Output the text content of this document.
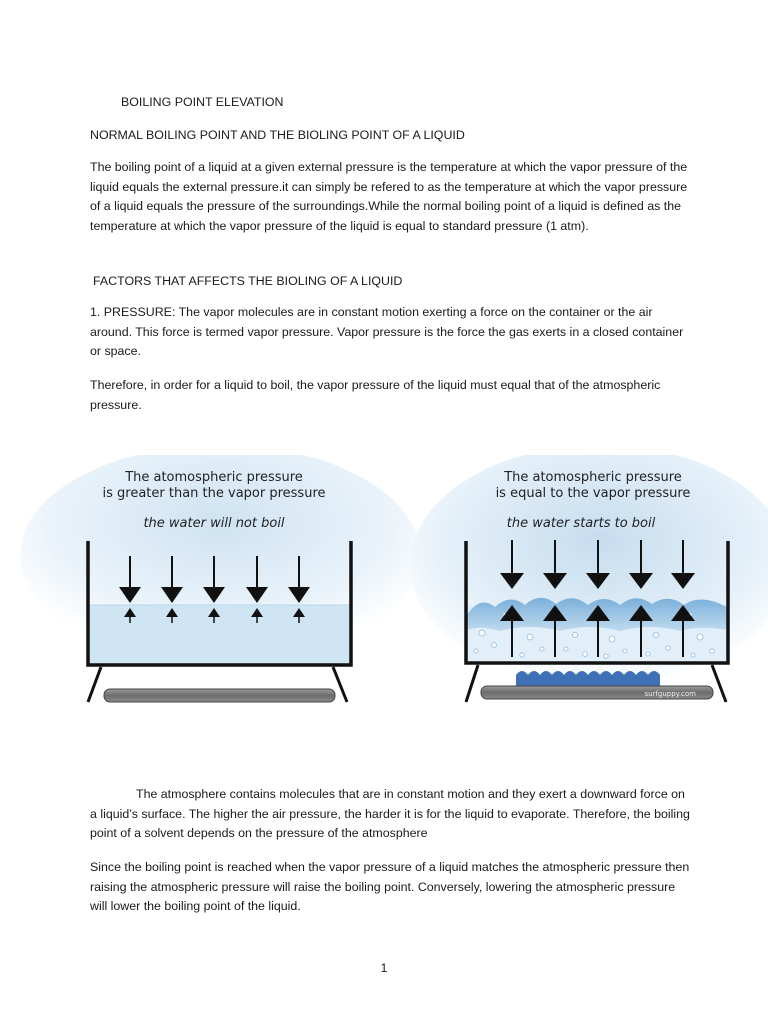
BOILING POINT ELEVATION
NORMAL BOILING POINT AND THE BIOLING POINT OF A LIQUID

The boiling point of a liquid at a given external pressure is the temperature at which the vapor pressure of the liquid equals the external pressure.it can simply be refered to as the temperature at which the vapor pressure of a liquid equals the pressure of the surroundings.While the normal boiling point of a liquid is defined as the temperature at which the vapor pressure of the liquid is equal to standard pressure (1 atm).

FACTORS THAT AFFECTS THE BIOLING OF A LIQUID

1. PRESSURE: The vapor molecules are in constant motion exerting a force on the container or the air around. This force is termed vapor pressure. Vapor pressure is the force the gas exerts in a closed container or space.

Therefore, in order for a liquid to boil, the vapor pressure of the liquid must equal that of the atmospheric pressure.

The atomospheric pressure
is greater than the vapor pressure
the water will not boil
The atomospheric pressure
is equal to the vapor pressure
the water starts to boil
surfguppy.com

The atmosphere contains molecules that are in constant motion and they exert a downward force on a liquid’s surface. The higher the air pressure, the harder it is for the liquid to evaporate. Therefore, the boiling point of a solvent depends on the pressure of the atmosphere

Since the boiling point is reached when the vapor pressure of a liquid matches the atmospheric pressure then raising the atmospheric pressure will raise the boiling point. Conversely, lowering the atmospheric pressure will lower the boiling point of the liquid.

1
